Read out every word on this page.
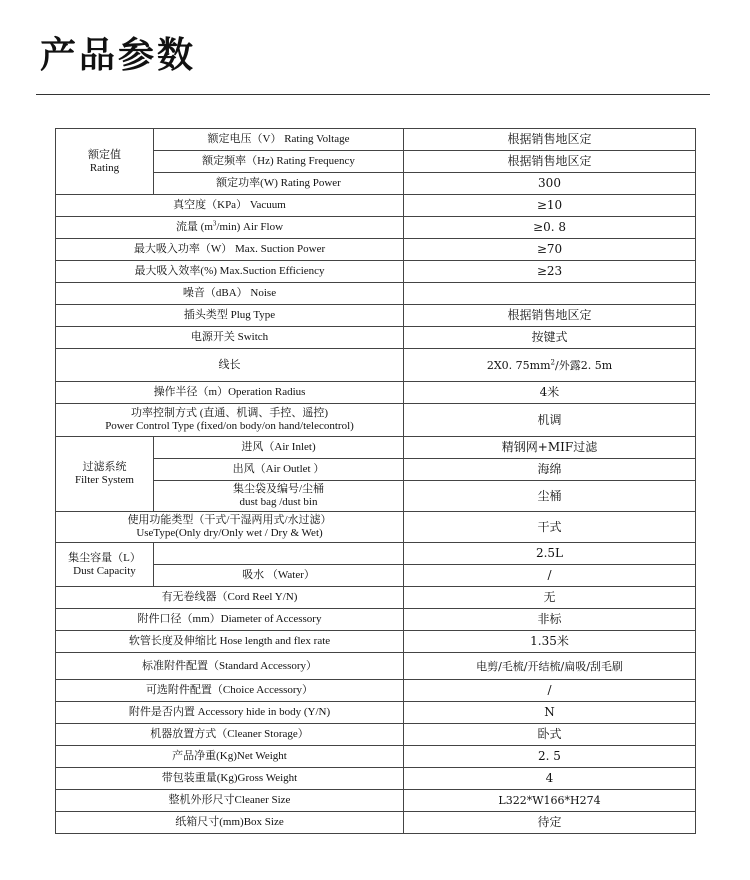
产品参数
额定值
Rating	额定电压（V） Rating Voltage	根据销售地区定
	额定频率（Hz) Rating Frequency	根据销售地区定
	额定功率(W) Rating Power	300
真空度（KPa） Vacuum		≥10
流量 $(m^3/\min)$ Air Flow		≥0. 8
最大吸入功率（W） Max. Suction Power		≥70
最大吸入效率(%) Max.Suction Efficiency		≥23
噪音（dBA） Noise		
插头类型 Plug Type		根据销售地区定
电源开关 Switch		按键式
线长		2X0. $75mm^2/$外露2. 5m
操作半径（m）Operation Radius		4米

功率控制方式 (直通、机调、手控、遥控)
Power Control Type (fixed/on body/on hand/telecontrol)		机调

过滤系统
Filter System	进风（Air Inlet)	精钢网+MIF过滤
	出风（Air Outlet ）	海绵

	集尘袋及编号/尘桶
dust bag /dust bin	尘桶

使用功能类型（干式/干湿两用式/水过滤）
UseType(Only dry/Only wet / Dry & Wet)		干式

集尘容量（L）
Dust Capacity		2.5L
	吸水 （Water）	/
有无卷线器（Cord Reel Y/N)		无
附件口径（mm）Diameter of Accessory		非标
软管长度及伸缩比 Hose length and flex rate		1.35米
标准附件配置（Standard Accessory）		电剪/毛梳/开结梳/扁吸/刮毛刷
可选附件配置（Choice Accessory）		/
附件是否内置 Accessory hide in body (Y/N)		N
机器放置方式（Cleaner Storage）		卧式
产品净重(Kg)Net Weight		2. 5
带包装重量(Kg)Gross Weight		4
整机外形尺寸Cleaner Size		L322*W166*H274
纸箱尺寸(mm)Box Size		待定
